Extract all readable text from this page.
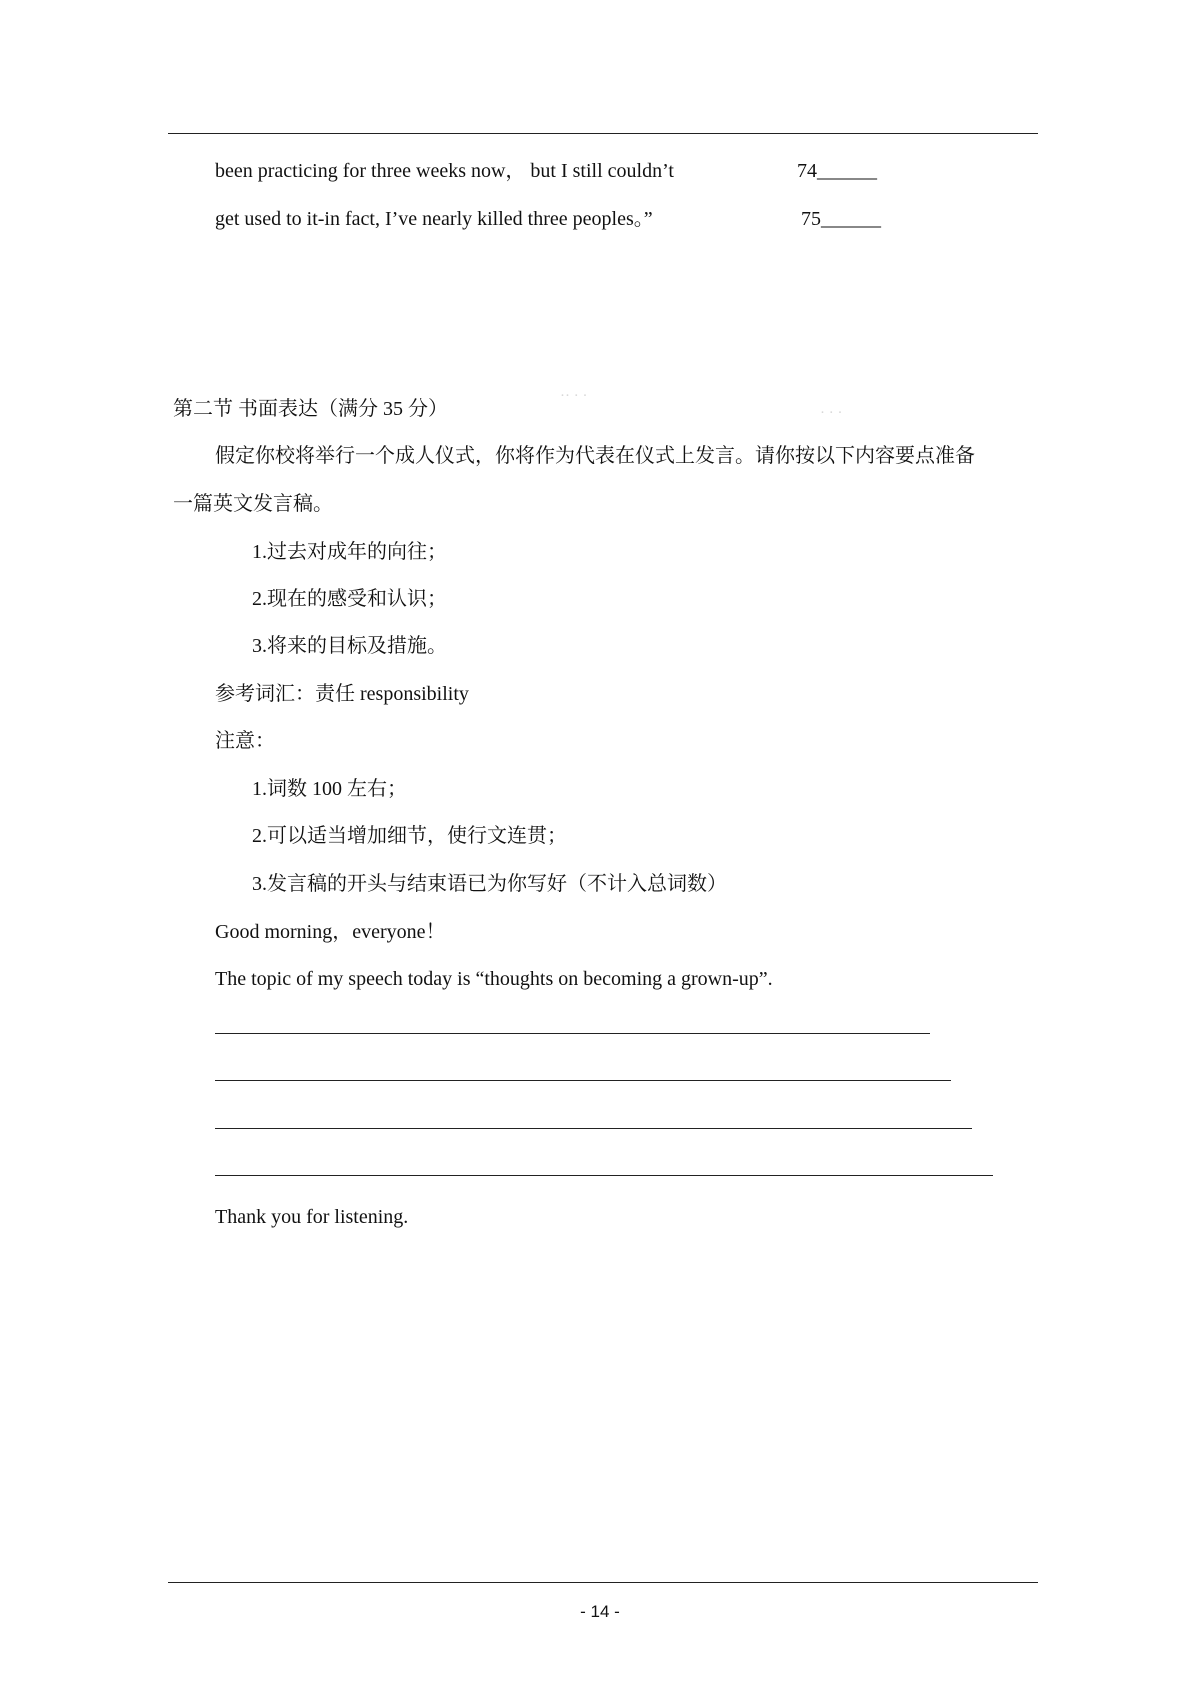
been practicing for three weeks now， but I still couldn’t	74______
get used to it-in fact, I’ve nearly killed three peoples。”	75______
·· · ·
· · ·
第二节 书面表达（满分 35 分）
假定你校将举行一个成人仪式，你将作为代表在仪式上发言。请你按以下内容要点准备
一篇英文发言稿。
1.过去对成年的向往；
2.现在的感受和认识；
3.将来的目标及措施。
参考词汇：责任 responsibility
注意：
1.词数 100 左右；
2.可以适当增加细节，使行文连贯；
3.发言稿的开头与结束语已为你写好（不计入总词数）
Good morning，everyone！
The topic of my speech today is “thoughts on becoming a grown-up”.
Thank you for listening.
- 14 -
